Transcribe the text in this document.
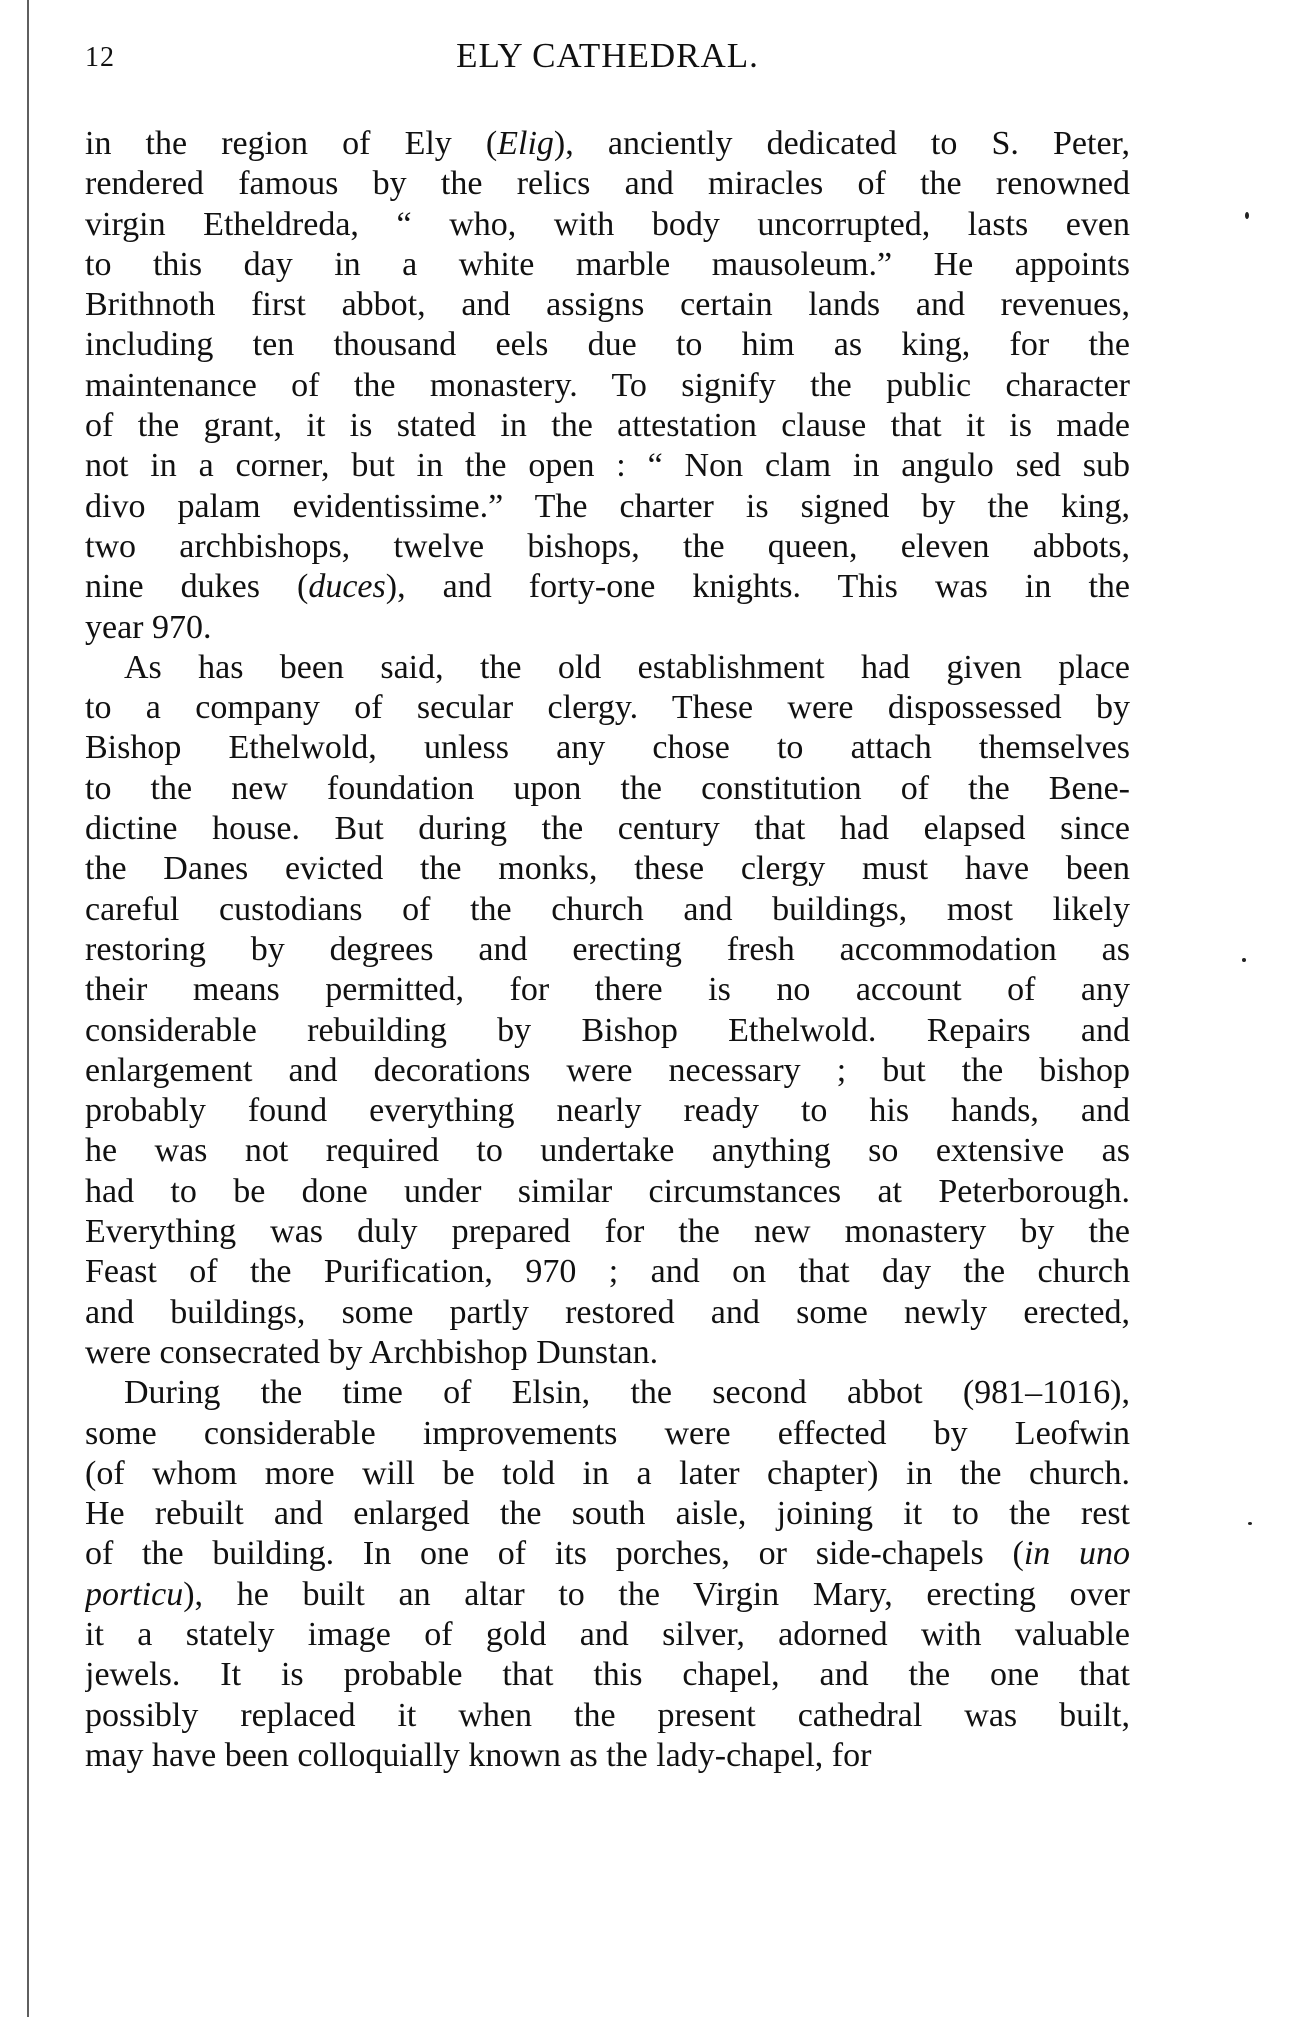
12	ELY CATHEDRAL.
in the region of Ely (Elig), anciently dedicated to S. Peter,
rendered famous by the relics and miracles of the renowned
virgin Etheldreda, “ who, with body uncorrupted, lasts even
to this day in a white marble mausoleum.” He appoints
Brithnoth first abbot, and assigns certain lands and revenues,
including ten thousand eels due to him as king, for the
maintenance of the monastery. To signify the public character
of the grant, it is stated in the attestation clause that it is made
not in a corner, but in the open : “ Non clam in angulo sed sub
divo palam evidentissime.” The charter is signed by the king,
two archbishops, twelve bishops, the queen, eleven abbots,
nine dukes (duces), and forty-one knights. This was in the
year 970.
As has been said, the old establishment had given place
to a company of secular clergy. These were dispossessed by
Bishop Ethelwold, unless any chose to attach themselves
to the new foundation upon the constitution of the Bene-
dictine house. But during the century that had elapsed since
the Danes evicted the monks, these clergy must have been
careful custodians of the church and buildings, most likely
restoring by degrees and erecting fresh accommodation as
their means permitted, for there is no account of any
considerable rebuilding by Bishop Ethelwold. Repairs and
enlargement and decorations were necessary ; but the bishop
probably found everything nearly ready to his hands, and
he was not required to undertake anything so extensive as
had to be done under similar circumstances at Peterborough.
Everything was duly prepared for the new monastery by the
Feast of the Purification, 970 ; and on that day the church
and buildings, some partly restored and some newly erected,
were consecrated by Archbishop Dunstan.
During the time of Elsin, the second abbot (981–1016),
some considerable improvements were effected by Leofwin
(of whom more will be told in a later chapter) in the church.
He rebuilt and enlarged the south aisle, joining it to the rest
of the building. In one of its porches, or side-chapels (in uno
porticu), he built an altar to the Virgin Mary, erecting over
it a stately image of gold and silver, adorned with valuable
jewels. It is probable that this chapel, and the one that
possibly replaced it when the present cathedral was built,
may have been colloquially known as the lady-chapel, for
